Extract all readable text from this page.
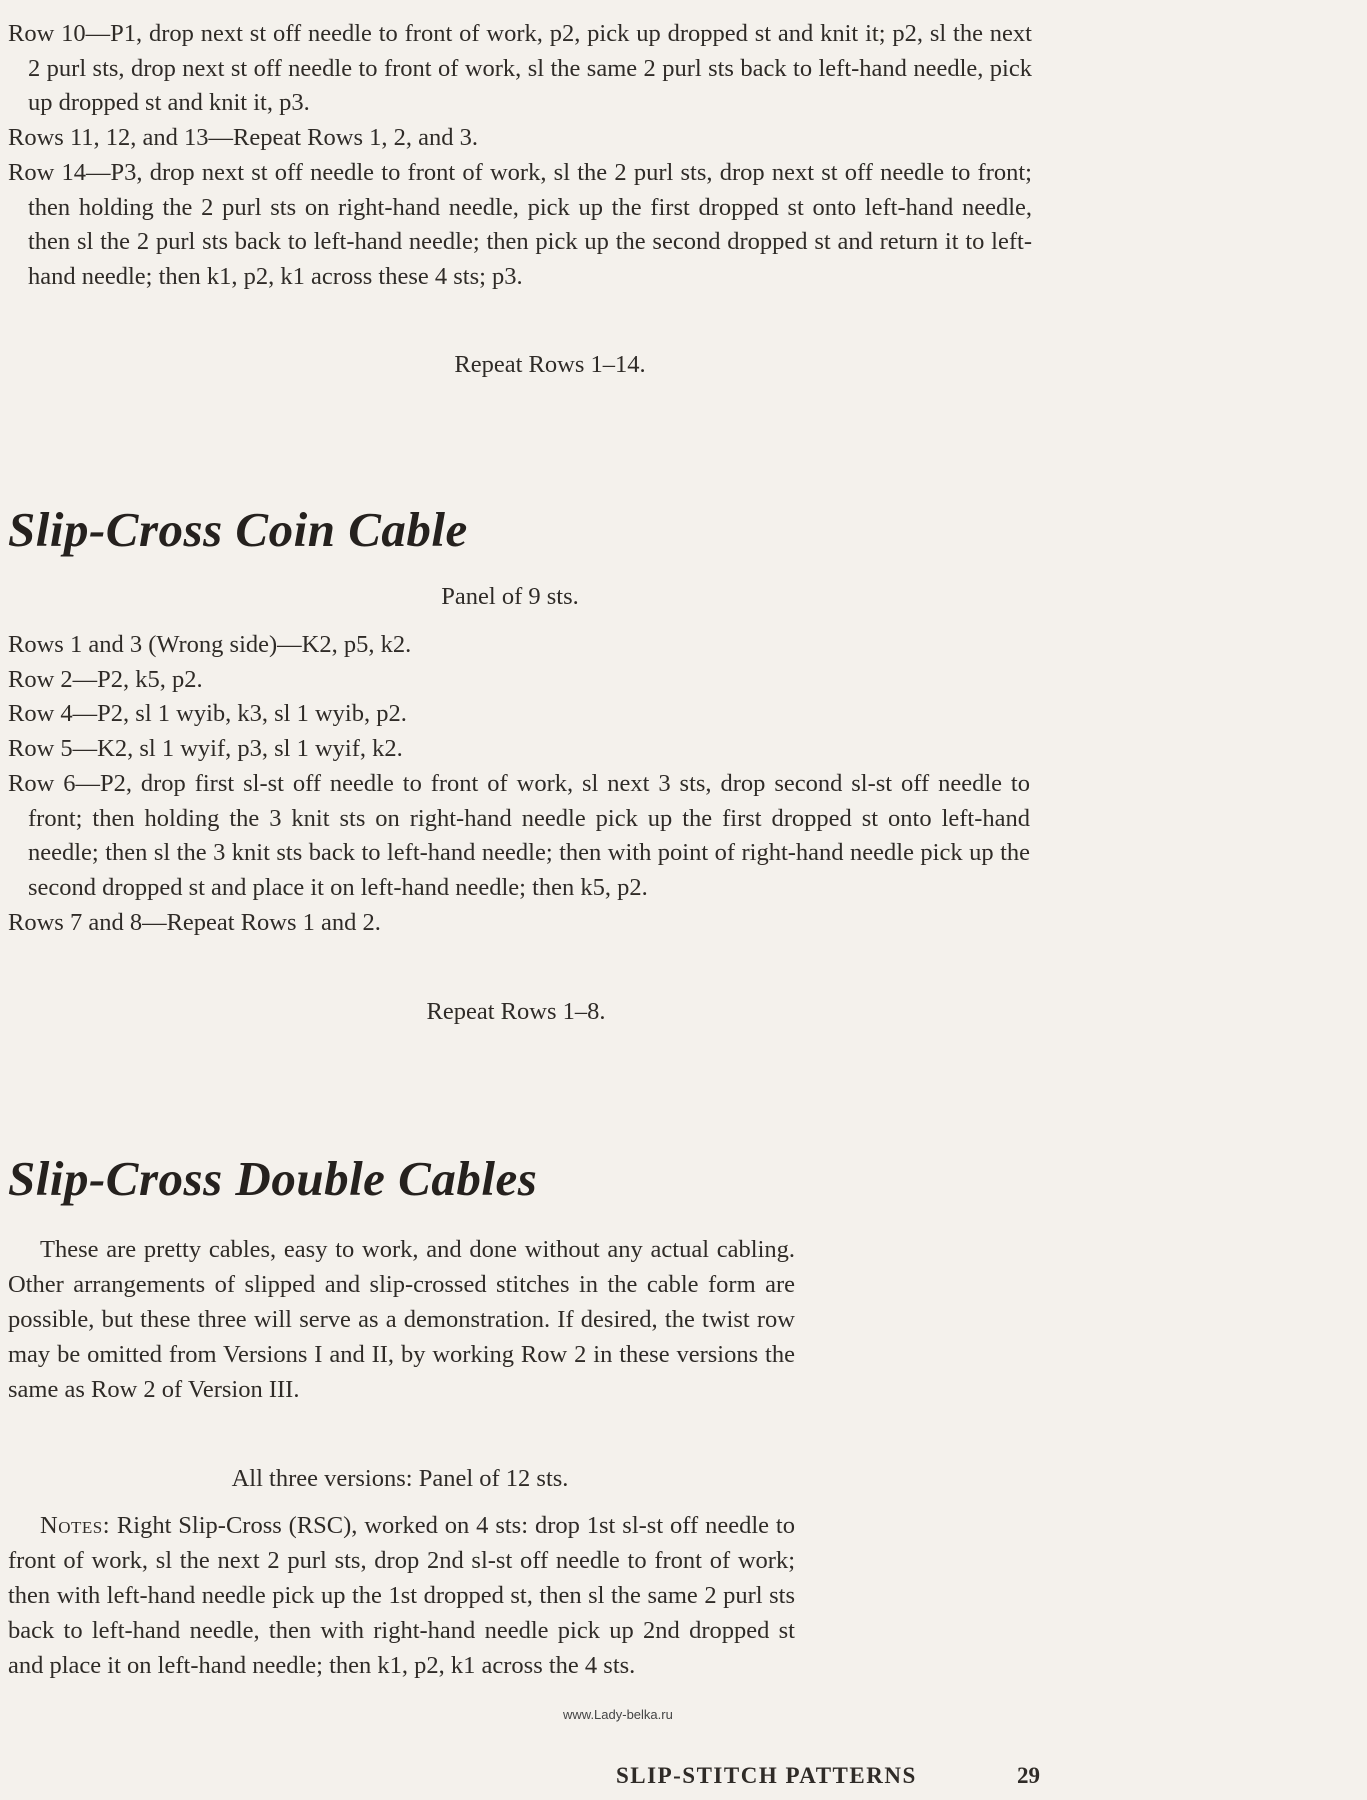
Row 10—P1, drop next st off needle to front of work, p2, pick up dropped st and knit it; p2, sl the next 2 purl sts, drop next st off needle to front of work, sl the same 2 purl sts back to left-hand needle, pick up dropped st and knit it, p3.

Rows 11, 12, and 13—Repeat Rows 1, 2, and 3.

Row 14—P3, drop next st off needle to front of work, sl the 2 purl sts, drop next st off needle to front; then holding the 2 purl sts on right-hand needle, pick up the first dropped st onto left-hand needle, then sl the 2 purl sts back to left-hand needle; then pick up the second dropped st and return it to left-hand needle; then k1, p2, k1 across these 4 sts; p3.

Repeat Rows 1–14.

Slip-Cross Coin Cable

Panel of 9 sts.

Rows 1 and 3 (Wrong side)—K2, p5, k2.

Row 2—P2, k5, p2.

Row 4—P2, sl 1 wyib, k3, sl 1 wyib, p2.

Row 5—K2, sl 1 wyif, p3, sl 1 wyif, k2.

Row 6—P2, drop first sl-st off needle to front of work, sl next 3 sts, drop second sl-st off needle to front; then holding the 3 knit sts on right-hand needle pick up the first dropped st onto left-hand needle; then sl the 3 knit sts back to left-hand needle; then with point of right-hand needle pick up the second dropped st and place it on left-hand needle; then k5, p2.

Rows 7 and 8—Repeat Rows 1 and 2.

Repeat Rows 1–8.

Slip-Cross Double Cables

These are pretty cables, easy to work, and done without any actual cabling. Other arrangements of slipped and slip-crossed stitches in the cable form are possible, but these three will serve as a demonstration. If desired, the twist row may be omitted from Versions I and II, by working Row 2 in these versions the same as Row 2 of Version III.

All three versions: Panel of 12 sts.

Notes: Right Slip-Cross (RSC), worked on 4 sts: drop 1st sl-st off needle to front of work, sl the next 2 purl sts, drop 2nd sl-st off needle to front of work; then with left-hand needle pick up the 1st dropped st, then sl the same 2 purl sts back to left-hand needle, then with right-hand needle pick up 2nd dropped st and place it on left-hand needle; then k1, p2, k1 across the 4 sts.

www.Lady-belka.ru

SLIP-STITCH PATTERNS	29
